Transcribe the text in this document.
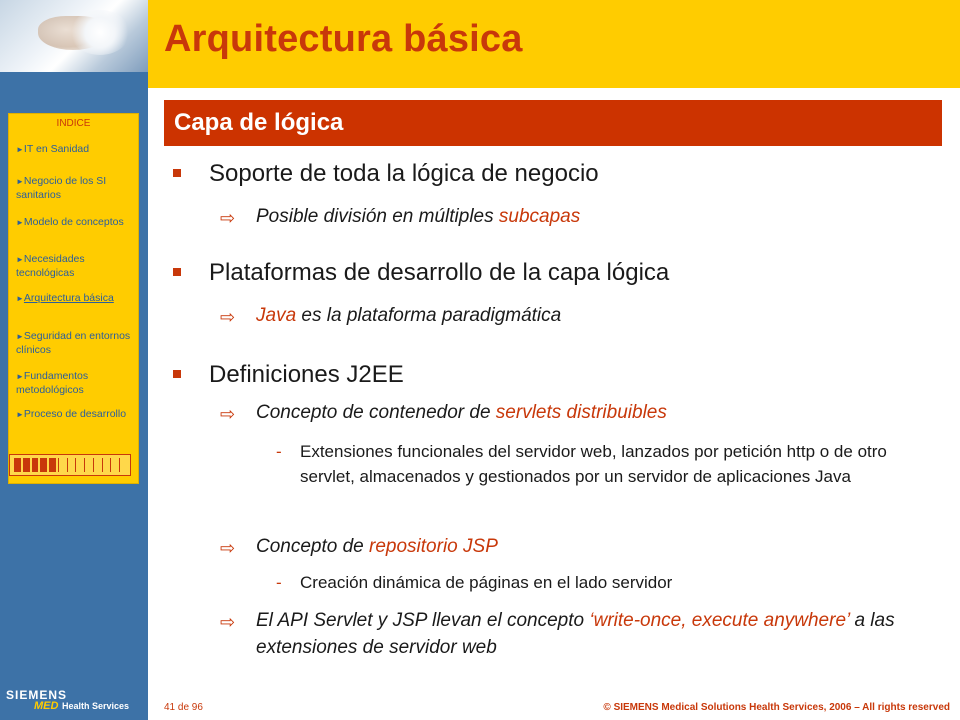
Arquitectura básica
INDICE
►IT en Sanidad
►Negocio de los SI sanitarios
►Modelo de conceptos
►Necesidades tecnológicas
►Arquitectura básica
►Seguridad en entornos clínicos
►Fundamentos metodológicos
►Proceso de desarrollo
Capa de lógica
Soporte de toda la lógica de negocio
⇨ Posible división en múltiples subcapas
Plataformas de desarrollo de la capa lógica
⇨ Java es la plataforma paradigmática
Definiciones J2EE
⇨ Concepto de contenedor de servlets distribuibles
- Extensiones funcionales del servidor web, lanzados por petición http o de otro servlet, almacenados y gestionados por un servidor de aplicaciones Java
⇨ Concepto de repositorio JSP
- Creación dinámica de páginas en el lado servidor
⇨ El API Servlet y JSP llevan el concepto ‘write-once, execute anywhere’ a las extensiones de servidor web
SIEMENS
MED Health Services	41 de 96	© SIEMENS Medical Solutions Health Services, 2006 – All rights reserved
